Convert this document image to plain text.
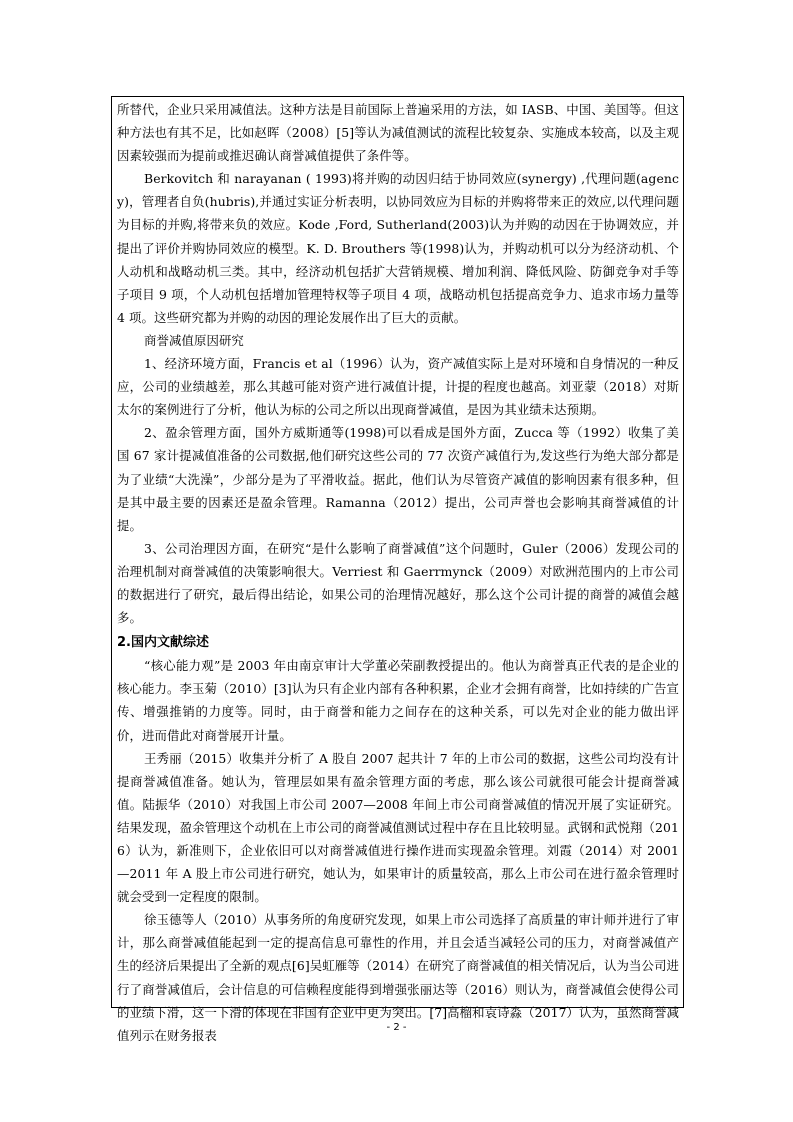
所替代，企业只采用减值法。这种方法是目前国际上普遍采用的方法，如 IASB、中国、美国等。但这种方法也有其不足，比如赵晖（2008）[5]等认为减值测试的流程比较复杂、实施成本较高，以及主观因素较强而为提前或推迟确认商誉减值提供了条件等。

Berkovitch 和 narayanan ( 1993)将并购的动因归结于协同效应(synergy) ,代理问题(agency)，管理者自负(hubris),并通过实证分析表明，以协同效应为目标的并购将带来正的效应,以代理问题为目标的并购,将带来负的效应。Kode ,Ford, Sutherland(2003)认为并购的动因在于协调效应，并提出了评价并购协同效应的模型。K. D. Brouthers 等(1998)认为，并购动机可以分为经济动机、个人动机和战略动机三类。其中，经济动机包括扩大营销规模、增加利润、降低风险、防御竞争对手等子项目 9 项，个人动机包括增加管理特权等子项目 4 项，战略动机包括提高竞争力、追求市场力量等 4 项。这些研究都为并购的动因的理论发展作出了巨大的贡献。

商誉减值原因研究

1、经济环境方面，Francis et al（1996）认为，资产减值实际上是对环境和自身情况的一种反应，公司的业绩越差，那么其越可能对资产进行减值计提，计提的程度也越高。刘亚蒙（2018）对斯太尔的案例进行了分析，他认为标的公司之所以出现商誉减值，是因为其业绩未达预期。

2、盈余管理方面，国外方威斯通等(1998)可以看成是国外方面，Zucca 等（1992）收集了美国 67 家计提减值准备的公司数据,他们研究这些公司的 77 次资产减值行为,发这些行为绝大部分都是为了业绩“大洗澡”，少部分是为了平滑收益。据此，他们认为尽管资产减值的影响因素有很多种，但是其中最主要的因素还是盈余管理。Ramanna（2012）提出，公司声誉也会影响其商誉减值的计提。

3、公司治理因方面，在研究“是什么影响了商誉减值”这个问题时，Guler（2006）发现公司的治理机制对商誉减值的决策影响很大。Verriest 和 Gaerrmynck（2009）对欧洲范围内的上市公司的数据进行了研究，最后得出结论，如果公司的治理情况越好，那么这个公司计提的商誉的减值会越多。

2.国内文献综述

“核心能力观”是 2003 年由南京审计大学董必荣副教授提出的。他认为商誉真正代表的是企业的核心能力。李玉菊（2010）[3]认为只有企业内部有各种积累，企业才会拥有商誉，比如持续的广告宣传、增强推销的力度等。同时，由于商誉和能力之间存在的这种关系，可以先对企业的能力做出评价，进而借此对商誉展开计量。

王秀丽（2015）收集并分析了 A 股自 2007 起共计 7 年的上市公司的数据，这些公司均没有计提商誉减值准备。她认为，管理层如果有盈余管理方面的考虑，那么该公司就很可能会计提商誉减值。陆振华（2010）对我国上市公司 2007—2008 年间上市公司商誉减值的情况开展了实证研究。结果发现，盈余管理这个动机在上市公司的商誉减值测试过程中存在且比较明显。武钢和武悦翔（2016）认为，新准则下，企业依旧可以对商誉减值进行操作进而实现盈余管理。刘霞（2014）对 2001—2011 年 A 股上市公司进行研究，她认为，如果审计的质量较高，那么上市公司在进行盈余管理时就会受到一定程度的限制。

徐玉德等人（2010）从事务所的角度研究发现，如果上市公司选择了高质量的审计师并进行了审计，那么商誉减值能起到一定的提高信息可靠性的作用，并且会适当减轻公司的压力，对商誉减值产生的经济后果提出了全新的观点[6]吴虹雁等（2014）在研究了商誉减值的相关情况后，认为当公司进行了商誉减值后，会计信息的可信赖程度能得到增强张丽达等（2016）则认为，商誉减值会使得公司的业绩下滑，这一下滑的体现在非国有企业中更为突出。[7]高榴和袁诗淼（2017）认为，虽然商誉减值列示在财务报表

- 2 -
